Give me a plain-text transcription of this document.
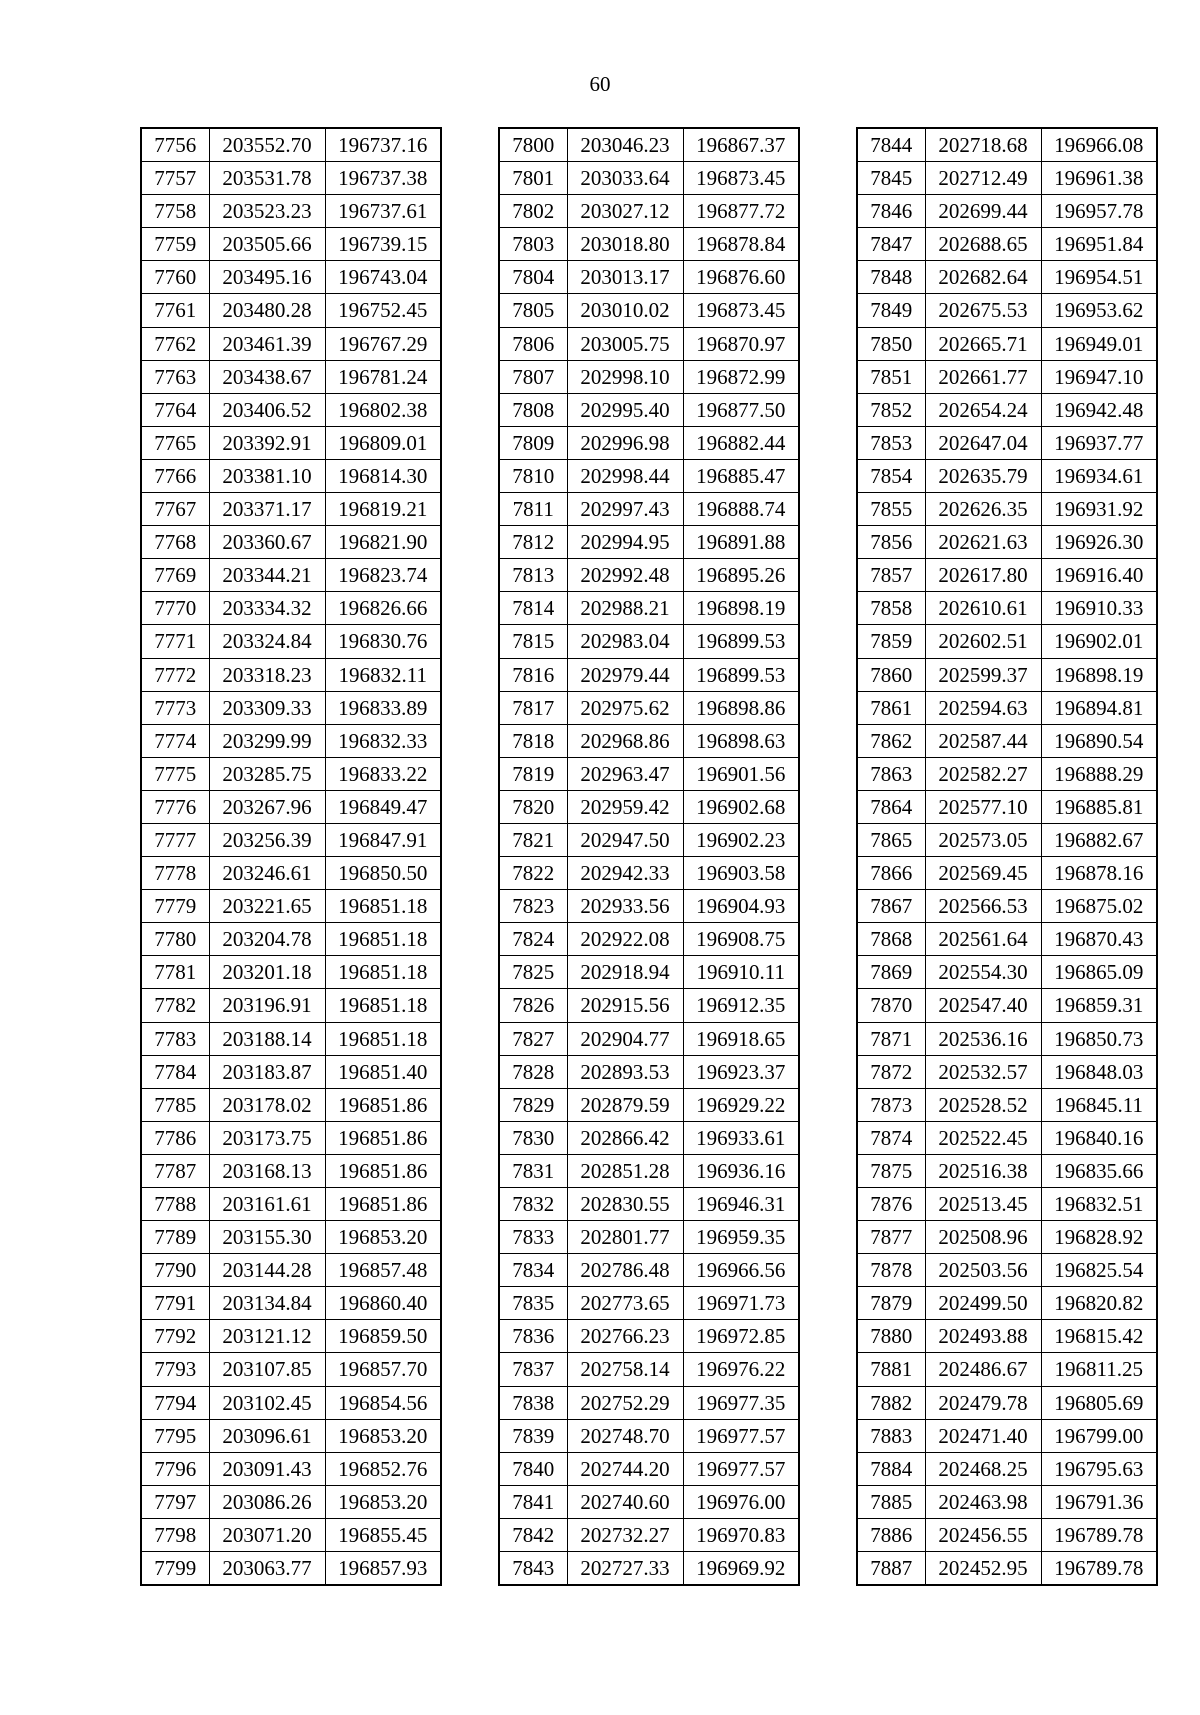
60
7756	203552.70	196737.16
7757	203531.78	196737.38
7758	203523.23	196737.61
7759	203505.66	196739.15
7760	203495.16	196743.04
7761	203480.28	196752.45
7762	203461.39	196767.29
7763	203438.67	196781.24
7764	203406.52	196802.38
7765	203392.91	196809.01
7766	203381.10	196814.30
7767	203371.17	196819.21
7768	203360.67	196821.90
7769	203344.21	196823.74
7770	203334.32	196826.66
7771	203324.84	196830.76
7772	203318.23	196832.11
7773	203309.33	196833.89
7774	203299.99	196832.33
7775	203285.75	196833.22
7776	203267.96	196849.47
7777	203256.39	196847.91
7778	203246.61	196850.50
7779	203221.65	196851.18
7780	203204.78	196851.18
7781	203201.18	196851.18
7782	203196.91	196851.18
7783	203188.14	196851.18
7784	203183.87	196851.40
7785	203178.02	196851.86
7786	203173.75	196851.86
7787	203168.13	196851.86
7788	203161.61	196851.86
7789	203155.30	196853.20
7790	203144.28	196857.48
7791	203134.84	196860.40
7792	203121.12	196859.50
7793	203107.85	196857.70
7794	203102.45	196854.56
7795	203096.61	196853.20
7796	203091.43	196852.76
7797	203086.26	196853.20
7798	203071.20	196855.45
7799	203063.77	196857.93
7800	203046.23	196867.37
7801	203033.64	196873.45
7802	203027.12	196877.72
7803	203018.80	196878.84
7804	203013.17	196876.60
7805	203010.02	196873.45
7806	203005.75	196870.97
7807	202998.10	196872.99
7808	202995.40	196877.50
7809	202996.98	196882.44
7810	202998.44	196885.47
7811	202997.43	196888.74
7812	202994.95	196891.88
7813	202992.48	196895.26
7814	202988.21	196898.19
7815	202983.04	196899.53
7816	202979.44	196899.53
7817	202975.62	196898.86
7818	202968.86	196898.63
7819	202963.47	196901.56
7820	202959.42	196902.68
7821	202947.50	196902.23
7822	202942.33	196903.58
7823	202933.56	196904.93
7824	202922.08	196908.75
7825	202918.94	196910.11
7826	202915.56	196912.35
7827	202904.77	196918.65
7828	202893.53	196923.37
7829	202879.59	196929.22
7830	202866.42	196933.61
7831	202851.28	196936.16
7832	202830.55	196946.31
7833	202801.77	196959.35
7834	202786.48	196966.56
7835	202773.65	196971.73
7836	202766.23	196972.85
7837	202758.14	196976.22
7838	202752.29	196977.35
7839	202748.70	196977.57
7840	202744.20	196977.57
7841	202740.60	196976.00
7842	202732.27	196970.83
7843	202727.33	196969.92
7844	202718.68	196966.08
7845	202712.49	196961.38
7846	202699.44	196957.78
7847	202688.65	196951.84
7848	202682.64	196954.51
7849	202675.53	196953.62
7850	202665.71	196949.01
7851	202661.77	196947.10
7852	202654.24	196942.48
7853	202647.04	196937.77
7854	202635.79	196934.61
7855	202626.35	196931.92
7856	202621.63	196926.30
7857	202617.80	196916.40
7858	202610.61	196910.33
7859	202602.51	196902.01
7860	202599.37	196898.19
7861	202594.63	196894.81
7862	202587.44	196890.54
7863	202582.27	196888.29
7864	202577.10	196885.81
7865	202573.05	196882.67
7866	202569.45	196878.16
7867	202566.53	196875.02
7868	202561.64	196870.43
7869	202554.30	196865.09
7870	202547.40	196859.31
7871	202536.16	196850.73
7872	202532.57	196848.03
7873	202528.52	196845.11
7874	202522.45	196840.16
7875	202516.38	196835.66
7876	202513.45	196832.51
7877	202508.96	196828.92
7878	202503.56	196825.54
7879	202499.50	196820.82
7880	202493.88	196815.42
7881	202486.67	196811.25
7882	202479.78	196805.69
7883	202471.40	196799.00
7884	202468.25	196795.63
7885	202463.98	196791.36
7886	202456.55	196789.78
7887	202452.95	196789.78
